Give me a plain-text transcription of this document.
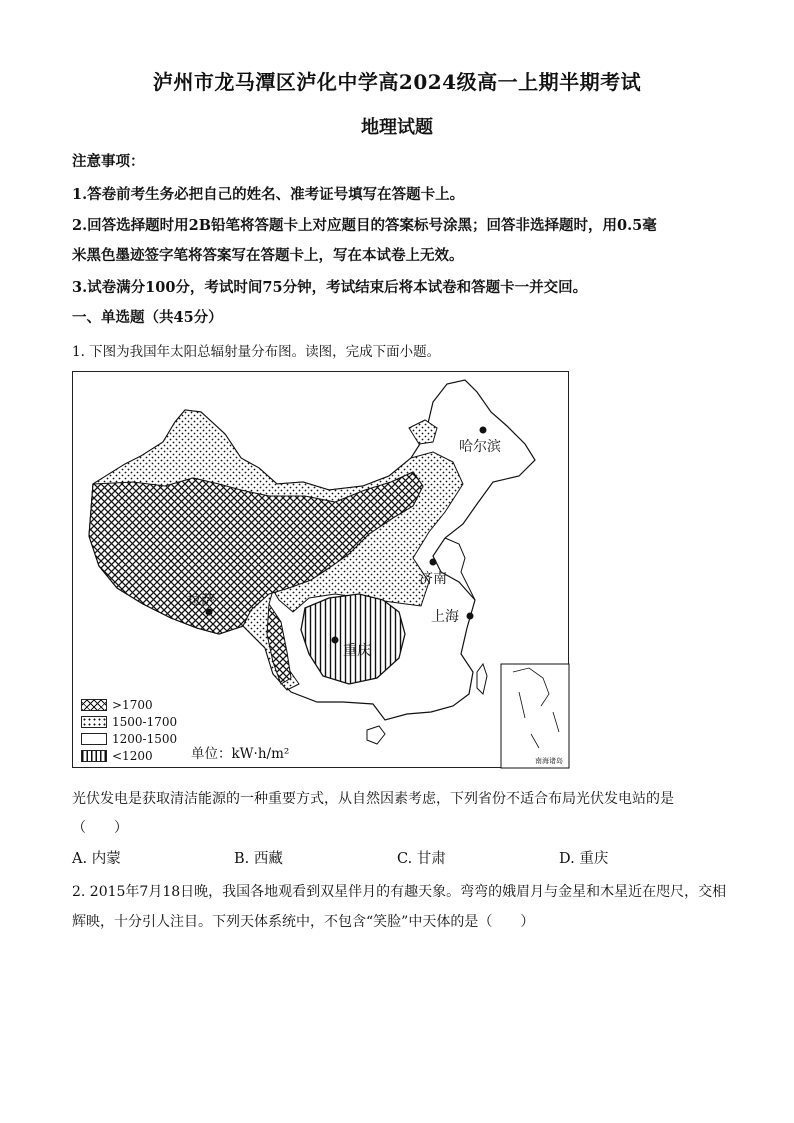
泸州市龙马潭区泸化中学高2024级高一上期半期考试
地理试题
注意事项：
1.答卷前考生务必把自己的姓名、准考证号填写在答题卡上。
2.回答选择题时用2B铅笔将答题卡上对应题目的答案标号涂黑；回答非选择题时，用0.5毫
米黑色墨迹签字笔将答案写在答题卡上，写在本试卷上无效。
3.试卷满分100分，考试时间75分钟，考试结束后将本试卷和答题卡一并交回。
一、单选题（共45分）
1. 下图为我国年太阳总辐射量分布图。读图，完成下面小题。
哈尔滨
济南
拉萨
上海
重庆
南海诸岛
>1700
1500-1700
1200-1500
<1200	单位：kW·h/m²
光伏发电是获取清洁能源的一种重要方式，从自然因素考虑，下列省份不适合布局光伏发电站的是
（　　）
A. 内蒙	B. 西藏	C. 甘肃	D. 重庆
2. 2015年7月18日晚，我国各地观看到双星伴月的有趣天象。弯弯的娥眉月与金星和木星近在咫尺，交相
辉映，十分引人注目。下列天体系统中，不包含“笑脸”中天体的是（　　）
